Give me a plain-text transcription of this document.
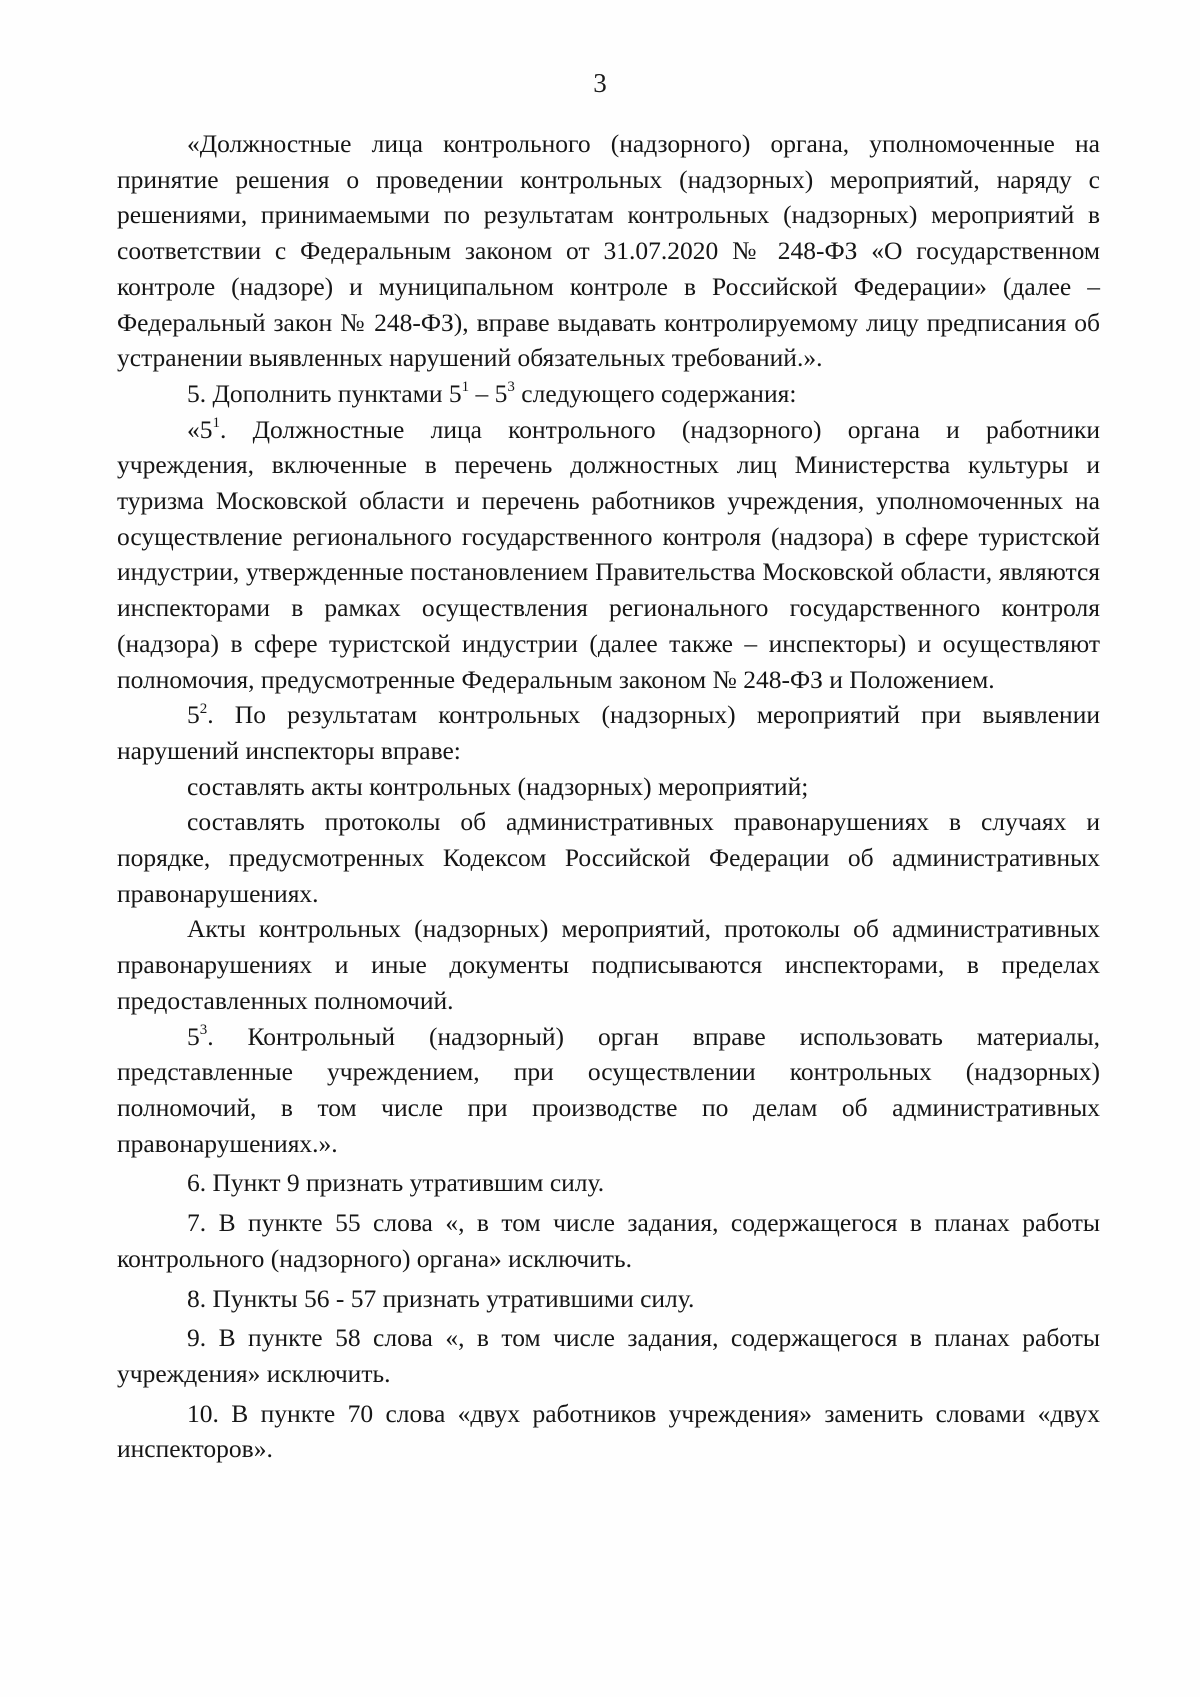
3

«Должностные лица контрольного (надзорного) органа, уполномоченные на принятие решения о проведении контрольных (надзорных) мероприятий, наряду с решениями, принимаемыми по результатам контрольных (надзорных) мероприятий в соответствии с Федеральным законом от 31.07.2020 № 248-ФЗ «О государственном контроле (надзоре) и муниципальном контроле в Российской Федерации» (далее – Федеральный закон № 248-ФЗ), вправе выдавать контролируемому лицу предписания об устранении выявленных нарушений обязательных требований.».

5. Дополнить пунктами $5^1 - 5^3$ следующего содержания:

«$5^1$. Должностные лица контрольного (надзорного) органа и работники учреждения, включенные в перечень должностных лиц Министерства культуры и туризма Московской области и перечень работников учреждения, уполномоченных на осуществление регионального государственного контроля (надзора) в сфере туристской индустрии, утвержденные постановлением Правительства Московской области, являются инспекторами в рамках осуществления регионального государственного контроля (надзора) в сфере туристской индустрии (далее также – инспекторы) и осуществляют полномочия, предусмотренные Федеральным законом № 248-ФЗ и Положением.

$5^2$. По результатам контрольных (надзорных) мероприятий при выявлении нарушений инспекторы вправе:

составлять акты контрольных (надзорных) мероприятий;

составлять протоколы об административных правонарушениях в случаях и порядке, предусмотренных Кодексом Российской Федерации об административных правонарушениях.

Акты контрольных (надзорных) мероприятий, протоколы об административных правонарушениях и иные документы подписываются инспекторами, в пределах предоставленных полномочий.

$5^3$. Контрольный (надзорный) орган вправе использовать материалы, представленные учреждением, при осуществлении контрольных (надзорных) полномочий, в том числе при производстве по делам об административных правонарушениях.».

6. Пункт 9 признать утратившим силу.

7. В пункте 55 слова «, в том числе задания, содержащегося в планах работы контрольного (надзорного) органа» исключить.

8. Пункты 56 - 57 признать утратившими силу.

9. В пункте 58 слова «, в том числе задания, содержащегося в планах работы учреждения» исключить.

10. В пункте 70 слова «двух работников учреждения» заменить словами «двух инспекторов».
